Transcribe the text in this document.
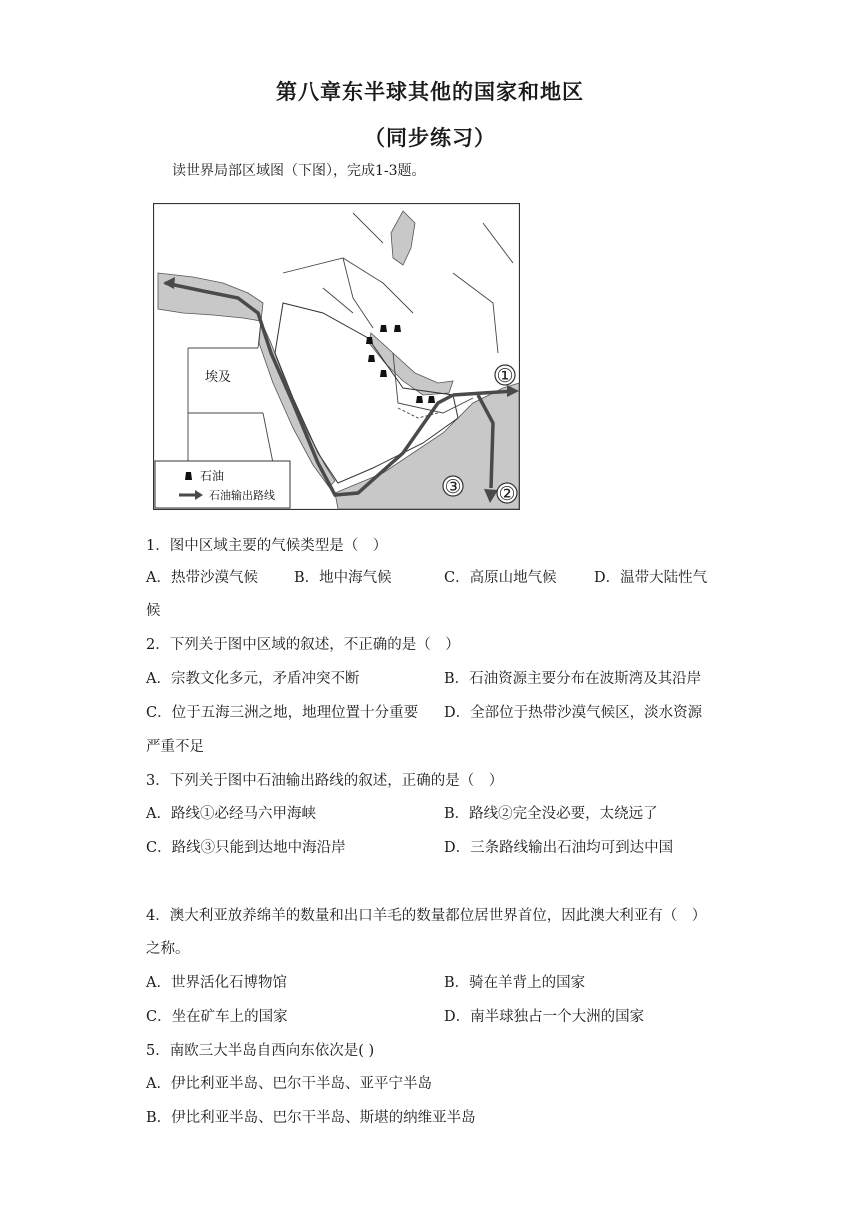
第八章东半球其他的国家和地区
（同步练习）
读世界局部区域图（下图），完成1-3题。
①
②
③
埃及
石油
石油输出路线
1．图中区域主要的气候类型是（　）
A．热带沙漠气候 B．地中海气候	C．高原山地气候	D．温带大陆性气
候
2．下列关于图中区域的叙述，不正确的是（　）
A．宗教文化多元，矛盾冲突不断	B．石油资源主要分布在波斯湾及其沿岸
C．位于五海三洲之地，地理位置十分重要 D．全部位于热带沙漠气候区，淡水资源
严重不足
3．下列关于图中石油输出路线的叙述，正确的是（　）
A．路线①必经马六甲海峡	B．路线②完全没必要，太绕远了
C．路线③只能到达地中海沿岸	D．三条路线输出石油均可到达中国
4．澳大利亚放养绵羊的数量和出口羊毛的数量都位居世界首位，因此澳大利亚有（　）
之称。
A．世界活化石博物馆	B．骑在羊背上的国家
C．坐在矿车上的国家	D．南半球独占一个大洲的国家
5．南欧三大半岛自西向东依次是( )
A．伊比利亚半岛、巴尔干半岛、亚平宁半岛
B．伊比利亚半岛、巴尔干半岛、斯堪的纳维亚半岛
